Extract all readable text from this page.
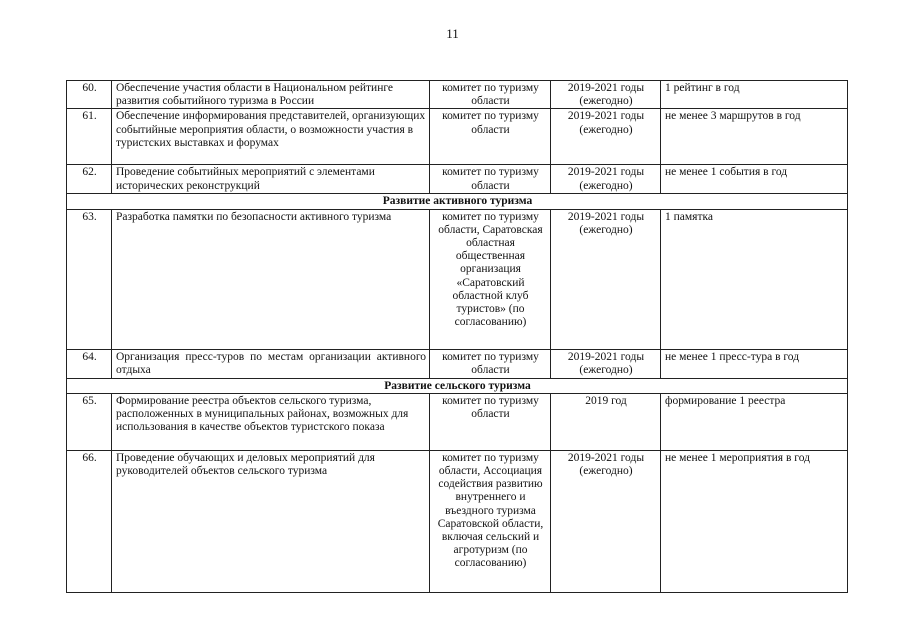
11
60.	Обеспечение участия области в Национальном рейтинге развития событийного туризма в России	комитет по туризму области	2019-2021 годы (ежегодно)	1 рейтинг в год
61.	Обеспечение информирования представителей, организующих событийные мероприятия области, о возможности участия в туристских выставках и форумах	комитет по туризму области	2019-2021 годы (ежегодно)	не менее 3 маршрутов в год
62.	Проведение событийных мероприятий с элементами исторических реконструкций	комитет по туризму области	2019-2021 годы (ежегодно)	не менее 1 события в год
Развитие активного туризма				
63.	Разработка памятки по безопасности активного туризма	комитет по туризму области, Саратовская областная общественная организация «Саратовский областной клуб туристов» (по согласованию)	2019-2021 годы (ежегодно)	1 памятка
64.	Организация пресс-туров по местам организации активного отдыха	комитет по туризму области	2019-2021 годы (ежегодно)	не менее 1 пресс-тура в год
Развитие сельского туризма				
65.	Формирование реестра объектов сельского туризма, расположенных в муниципальных районах, возможных для использования в качестве объектов туристского показа	комитет по туризму области	2019 год	формирование 1 реестра
66.	Проведение обучающих и деловых мероприятий для руководителей объектов сельского туризма	комитет по туризму области, Ассоциация содействия развитию внутреннего и въездного туризма Саратовской области, включая сельский и агротуризм (по согласованию)	2019-2021 годы (ежегодно)	не менее 1 мероприятия в год
